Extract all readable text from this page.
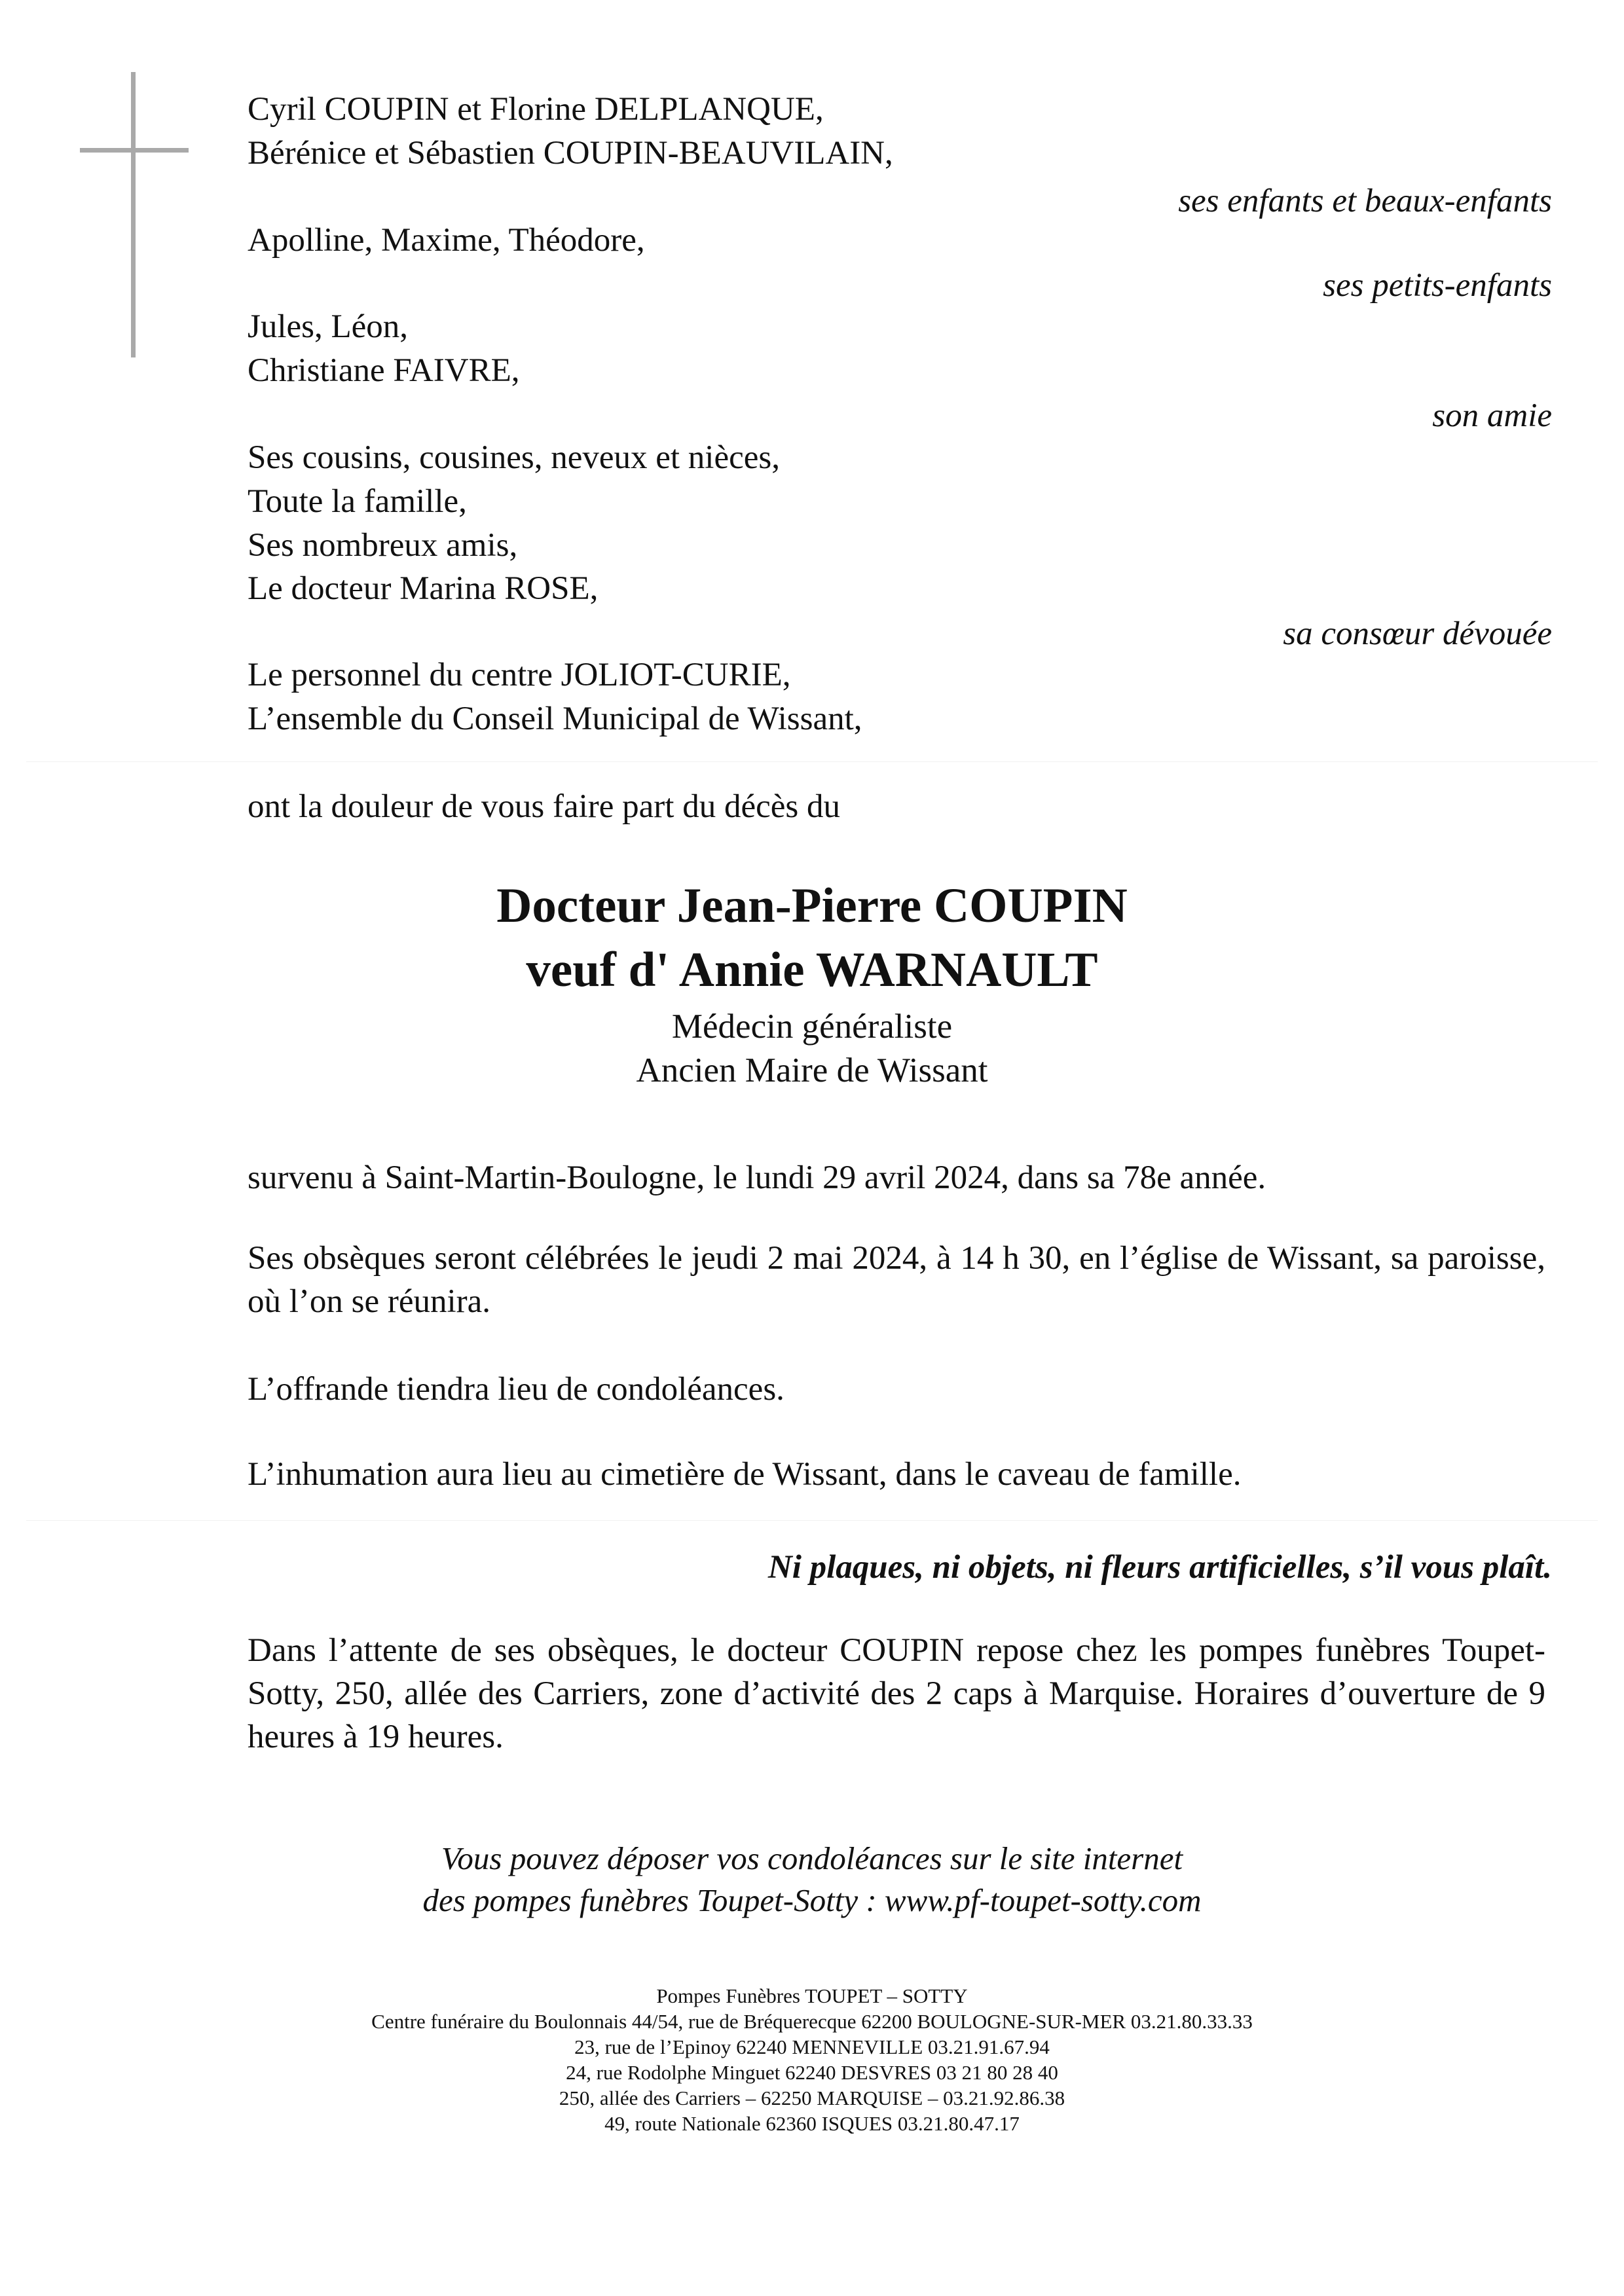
Cyril COUPIN et Florine DELPLANQUE,
Bérénice et Sébastien COUPIN-BEAUVILAIN,
ses enfants et beaux-enfants
Apolline, Maxime, Théodore,
ses petits-enfants
Jules, Léon,
Christiane FAIVRE,
son amie
Ses cousins, cousines, neveux et nièces,
Toute la famille,
Ses nombreux amis,
Le docteur Marina ROSE,
sa consœur dévouée
Le personnel du centre JOLIOT-CURIE,
L’ensemble du Conseil Municipal de Wissant,
ont la douleur de vous faire part du décès du
Docteur Jean-Pierre COUPIN
veuf d' Annie WARNAULT
Médecin généraliste
Ancien Maire de Wissant
survenu à Saint-Martin-Boulogne, le lundi 29 avril 2024, dans sa 78e année.
Ses obsèques seront célébrées le jeudi 2 mai 2024, à 14 h 30, en l’église de Wissant, sa paroisse, où l’on se réunira.
L’offrande tiendra lieu de condoléances.
L’inhumation aura lieu au cimetière de Wissant, dans le caveau de famille.
Ni plaques, ni objets, ni fleurs artificielles, s’il vous plaît.
Dans l’attente de ses obsèques, le docteur COUPIN repose chez les pompes funèbres Toupet-Sotty, 250, allée des Carriers, zone d’activité des 2 caps à Marquise. Horaires d’ouverture de 9 heures à 19 heures.
Vous pouvez déposer vos condoléances sur le site internet
des pompes funèbres Toupet-Sotty : www.pf-toupet-sotty.com
Pompes Funèbres TOUPET – SOTTY
Centre funéraire du Boulonnais 44/54, rue de Bréquerecque 62200 BOULOGNE-SUR-MER 03.21.80.33.33
23, rue de l’Epinoy 62240 MENNEVILLE 03.21.91.67.94
24, rue Rodolphe Minguet 62240 DESVRES 03 21 80 28 40
250, allée des Carriers – 62250 MARQUISE – 03.21.92.86.38
49, route Nationale 62360 ISQUES 03.21.80.47.17
